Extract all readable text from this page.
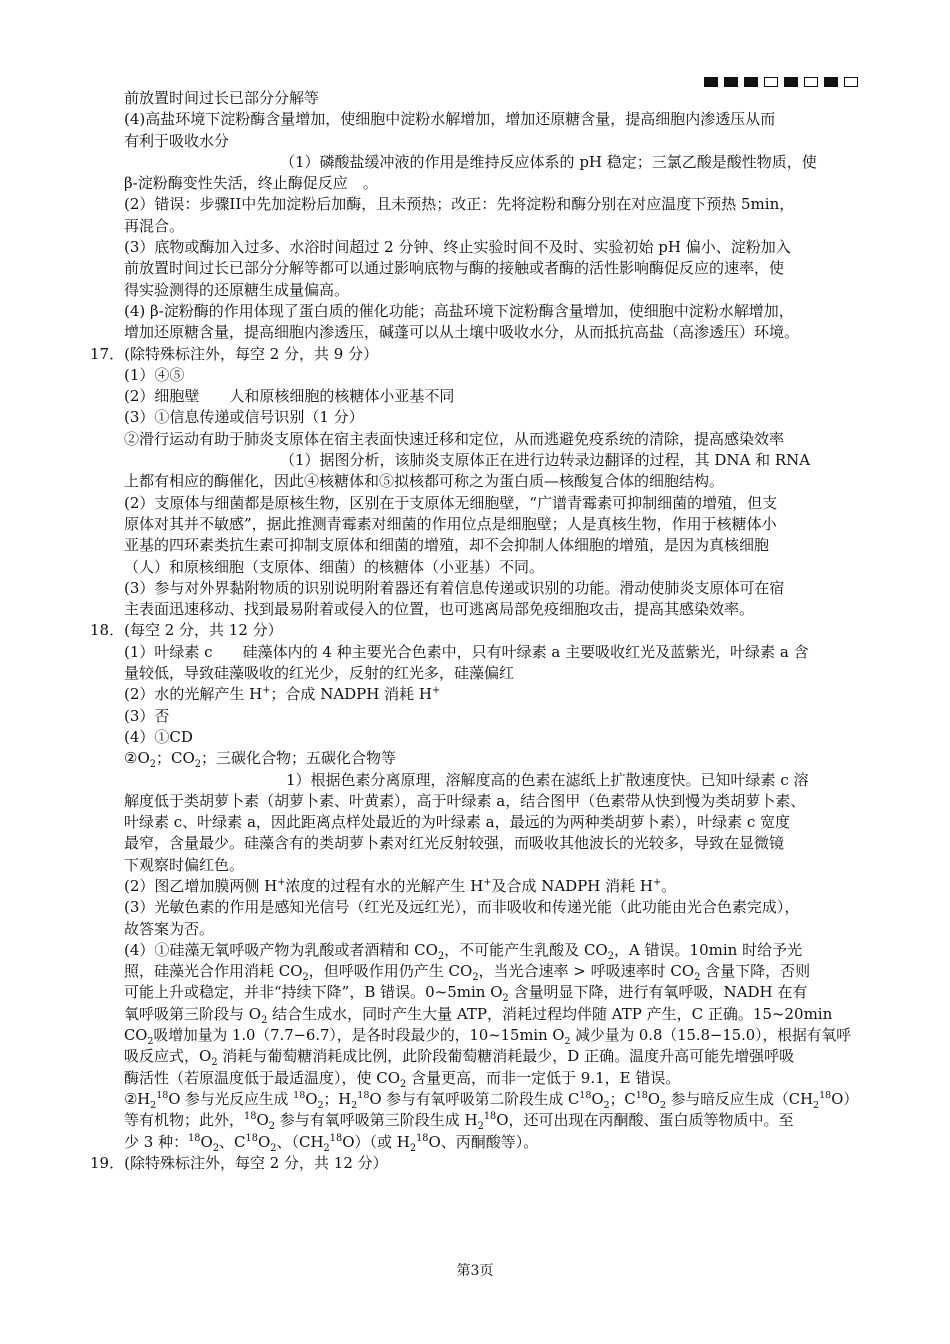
前放置时间过长已部分分解等
(4)高盐环境下淀粉酶含量增加，使细胞中淀粉水解增加，增加还原糖含量，提高细胞内渗透压从而
有利于吸收水分
（1）磷酸盐缓冲液的作用是维持反应体系的 pH 稳定；三氯乙酸是酸性物质，使
β-淀粉酶变性失活，终止酶促反应　。
(2）错误：步骤II中先加淀粉后加酶，且未预热；改正：先将淀粉和酶分别在对应温度下预热 5min，
再混合。
(3）底物或酶加入过多、水浴时间超过 2 分钟、终止实验时间不及时、实验初始 pH 偏小、淀粉加入
前放置时间过长已部分分解等都可以通过影响底物与酶的接触或者酶的活性影响酶促反应的速率，使
得实验测得的还原糖生成量偏高。
(4) β-淀粉酶的作用体现了蛋白质的催化功能；高盐环境下淀粉酶含量增加，使细胞中淀粉水解增加，
增加还原糖含量，提高细胞内渗透压，碱蓬可以从土壤中吸收水分，从而抵抗高盐（高渗透压）环境。
17．(除特殊标注外，每空 2 分，共 9 分）
(1）④⑤
(2）细胞壁　　人和原核细胞的核糖体小亚基不同
(3）①信息传递或信号识别（1 分）
②滑行运动有助于肺炎支原体在宿主表面快速迁移和定位，从而逃避免疫系统的清除，提高感染效率
（1）据图分析，该肺炎支原体正在进行边转录边翻译的过程，其 DNA 和 RNA
上都有相应的酶催化，因此④核糖体和⑤拟核都可称之为蛋白质—核酸复合体的细胞结构。
(2）支原体与细菌都是原核生物，区别在于支原体无细胞壁，“广谱青霉素可抑制细菌的增殖，但支
原体对其并不敏感”，据此推测青霉素对细菌的作用位点是细胞壁；人是真核生物，作用于核糖体小
亚基的四环素类抗生素可抑制支原体和细菌的增殖，却不会抑制人体细胞的增殖，是因为真核细胞
（人）和原核细胞（支原体、细菌）的核糖体（小亚基）不同。
(3）参与对外界黏附物质的识别说明附着器还有着信息传递或识别的功能。滑动使肺炎支原体可在宿
主表面迅速移动、找到最易附着或侵入的位置，也可逃离局部免疫细胞攻击，提高其感染效率。
18．(每空 2 分，共 12 分）
(1）叶绿素 c　　硅藻体内的 4 种主要光合色素中，只有叶绿素 a 主要吸收红光及蓝紫光，叶绿素 a 含
量较低，导致硅藻吸收的红光少，反射的红光多，硅藻偏红
(2）水的光解产生 H+；合成 NADPH 消耗 H+
(3）否
(4）①CD
$②O_2$；$CO_2$；三碳化合物；五碳化合物等
1）根据色素分离原理，溶解度高的色素在滤纸上扩散速度快。已知叶绿素 c 溶
解度低于类胡萝卜素（胡萝卜素、叶黄素），高于叶绿素 a，结合图甲（色素带从快到慢为类胡萝卜素、
叶绿素 c、叶绿素 a，因此距离点样处最近的为叶绿素 a，最远的为两种类胡萝卜素），叶绿素 c 宽度
最窄，含量最少。硅藻含有的类胡萝卜素对红光反射较强，而吸收其他波长的光较多，导致在显微镜
下观察时偏红色。
(2）图乙增加膜两侧 H+浓度的过程有水的光解产生 H+及合成 NADPH 消耗 H+。
(3）光敏色素的作用是感知光信号（红光及远红光），而非吸收和传递光能（此功能由光合色素完成），
故答案为否。
(4）①硅藻无氧呼吸产物为乳酸或者酒精和 $CO_2$，不可能产生乳酸及 $CO_2$，A 错误。10min 时给予光
照，硅藻光合作用消耗 $CO_2$，但呼吸作用仍产生 $CO_2$，当光合速率 > 呼吸速率时 $CO_2$ 含量下降，否则
可能上升或稳定，并非“持续下降”，B 错误。0~5min $O_2$ 含量明显下降，进行有氧呼吸，NADH 在有
氧呼吸第三阶段与 $O_2$ 结合生成水，同时产生大量 ATP，消耗过程均伴随 ATP 产生，C 正确。15~20min
$CO_2$吸增加量为 1.0（7.7−6.7），是各时段最少的，10~15min $O_2$ 减少量为 0.8（15.8−15.0），根据有氧呼
吸反应式，$O_2$ 消耗与葡萄糖消耗成比例，此阶段葡萄糖消耗最少，D 正确。温度升高可能先增强呼吸
酶活性（若原温度低于最适温度），使 $CO_2$ 含量更高，而非一定低于 9.1，E 错误。
$②H_2^{18}O$ 参与光反应生成 $^{18}O_2$；$H_2^{18}O$ 参与有氧呼吸第二阶段生成 $C^{18}O_2$；$C^{18}O_2$ 参与暗反应生成$(CH_2^{18}O)$
等有机物；此外，$^{18}O_2$ 参与有氧呼吸第三阶段生成 $H_2^{18}O$，还可出现在丙酮酸、蛋白质等物质中。至
少 3 种：$^{18}O_2$、$C^{18}O_2$、$(CH_2^{18}O)$（或 $H_2^{18}O$、丙酮酸等）。
19．(除特殊标注外，每空 2 分，共 12 分）
第3页
